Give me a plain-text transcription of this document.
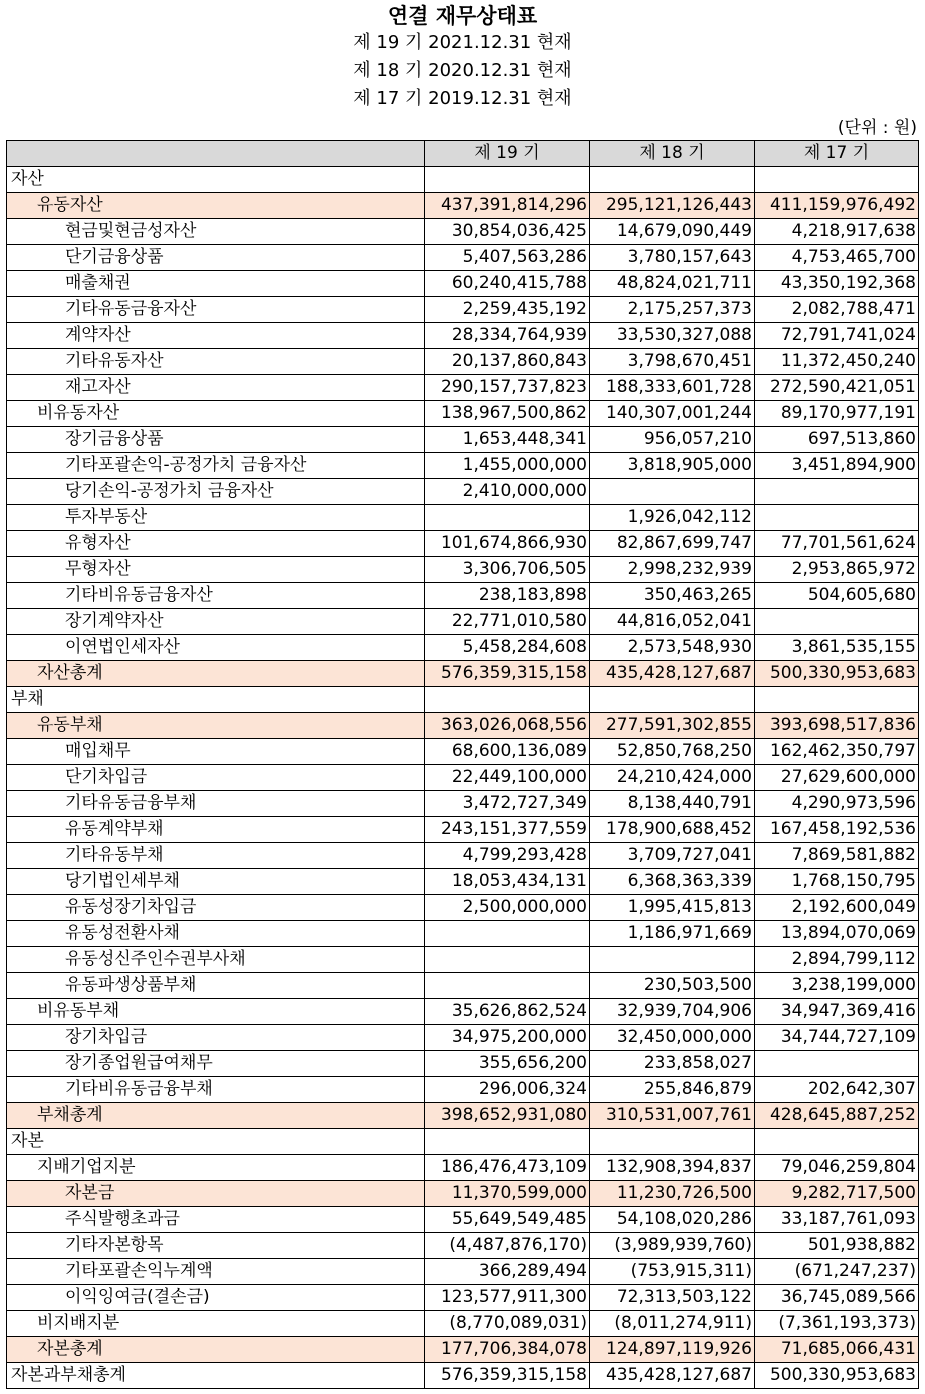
연결 재무상태표
제 19 기 2021.12.31 현재
제 18 기 2020.12.31 현재
제 17 기 2019.12.31 현재
(단위 : 원)
	제 19 기	제 18 기	제 17 기
자산			
유동자산	437,391,814,296	295,121,126,443	411,159,976,492
현금및현금성자산	30,854,036,425	14,679,090,449	4,218,917,638
단기금융상품	5,407,563,286	3,780,157,643	4,753,465,700
매출채권	60,240,415,788	48,824,021,711	43,350,192,368
기타유동금융자산	2,259,435,192	2,175,257,373	2,082,788,471
계약자산	28,334,764,939	33,530,327,088	72,791,741,024
기타유동자산	20,137,860,843	3,798,670,451	11,372,450,240
재고자산	290,157,737,823	188,333,601,728	272,590,421,051
비유동자산	138,967,500,862	140,307,001,244	89,170,977,191
장기금융상품	1,653,448,341	956,057,210	697,513,860
기타포괄손익-공정가치 금융자산	1,455,000,000	3,818,905,000	3,451,894,900
당기손익-공정가치 금융자산	2,410,000,000		
투자부동산		1,926,042,112	
유형자산	101,674,866,930	82,867,699,747	77,701,561,624
무형자산	3,306,706,505	2,998,232,939	2,953,865,972
기타비유동금융자산	238,183,898	350,463,265	504,605,680
장기계약자산	22,771,010,580	44,816,052,041	
이연법인세자산	5,458,284,608	2,573,548,930	3,861,535,155
자산총계	576,359,315,158	435,428,127,687	500,330,953,683
부채			
유동부채	363,026,068,556	277,591,302,855	393,698,517,836
매입채무	68,600,136,089	52,850,768,250	162,462,350,797
단기차입금	22,449,100,000	24,210,424,000	27,629,600,000
기타유동금융부채	3,472,727,349	8,138,440,791	4,290,973,596
유동계약부채	243,151,377,559	178,900,688,452	167,458,192,536
기타유동부채	4,799,293,428	3,709,727,041	7,869,581,882
당기법인세부채	18,053,434,131	6,368,363,339	1,768,150,795
유동성장기차입금	2,500,000,000	1,995,415,813	2,192,600,049
유동성전환사채		1,186,971,669	13,894,070,069
유동성신주인수권부사채			2,894,799,112
유동파생상품부채		230,503,500	3,238,199,000
비유동부채	35,626,862,524	32,939,704,906	34,947,369,416
장기차입금	34,975,200,000	32,450,000,000	34,744,727,109
장기종업원급여채무	355,656,200	233,858,027	
기타비유동금융부채	296,006,324	255,846,879	202,642,307
부채총계	398,652,931,080	310,531,007,761	428,645,887,252
자본			
지배기업지분	186,476,473,109	132,908,394,837	79,046,259,804
자본금	11,370,599,000	11,230,726,500	9,282,717,500
주식발행초과금	55,649,549,485	54,108,020,286	33,187,761,093
기타자본항목	(4,487,876,170)	(3,989,939,760)	501,938,882
기타포괄손익누계액	366,289,494	(753,915,311)	(671,247,237)
이익잉여금(결손금)	123,577,911,300	72,313,503,122	36,745,089,566
비지배지분	(8,770,089,031)	(8,011,274,911)	(7,361,193,373)
자본총계	177,706,384,078	124,897,119,926	71,685,066,431
자본과부채총계	576,359,315,158	435,428,127,687	500,330,953,683
